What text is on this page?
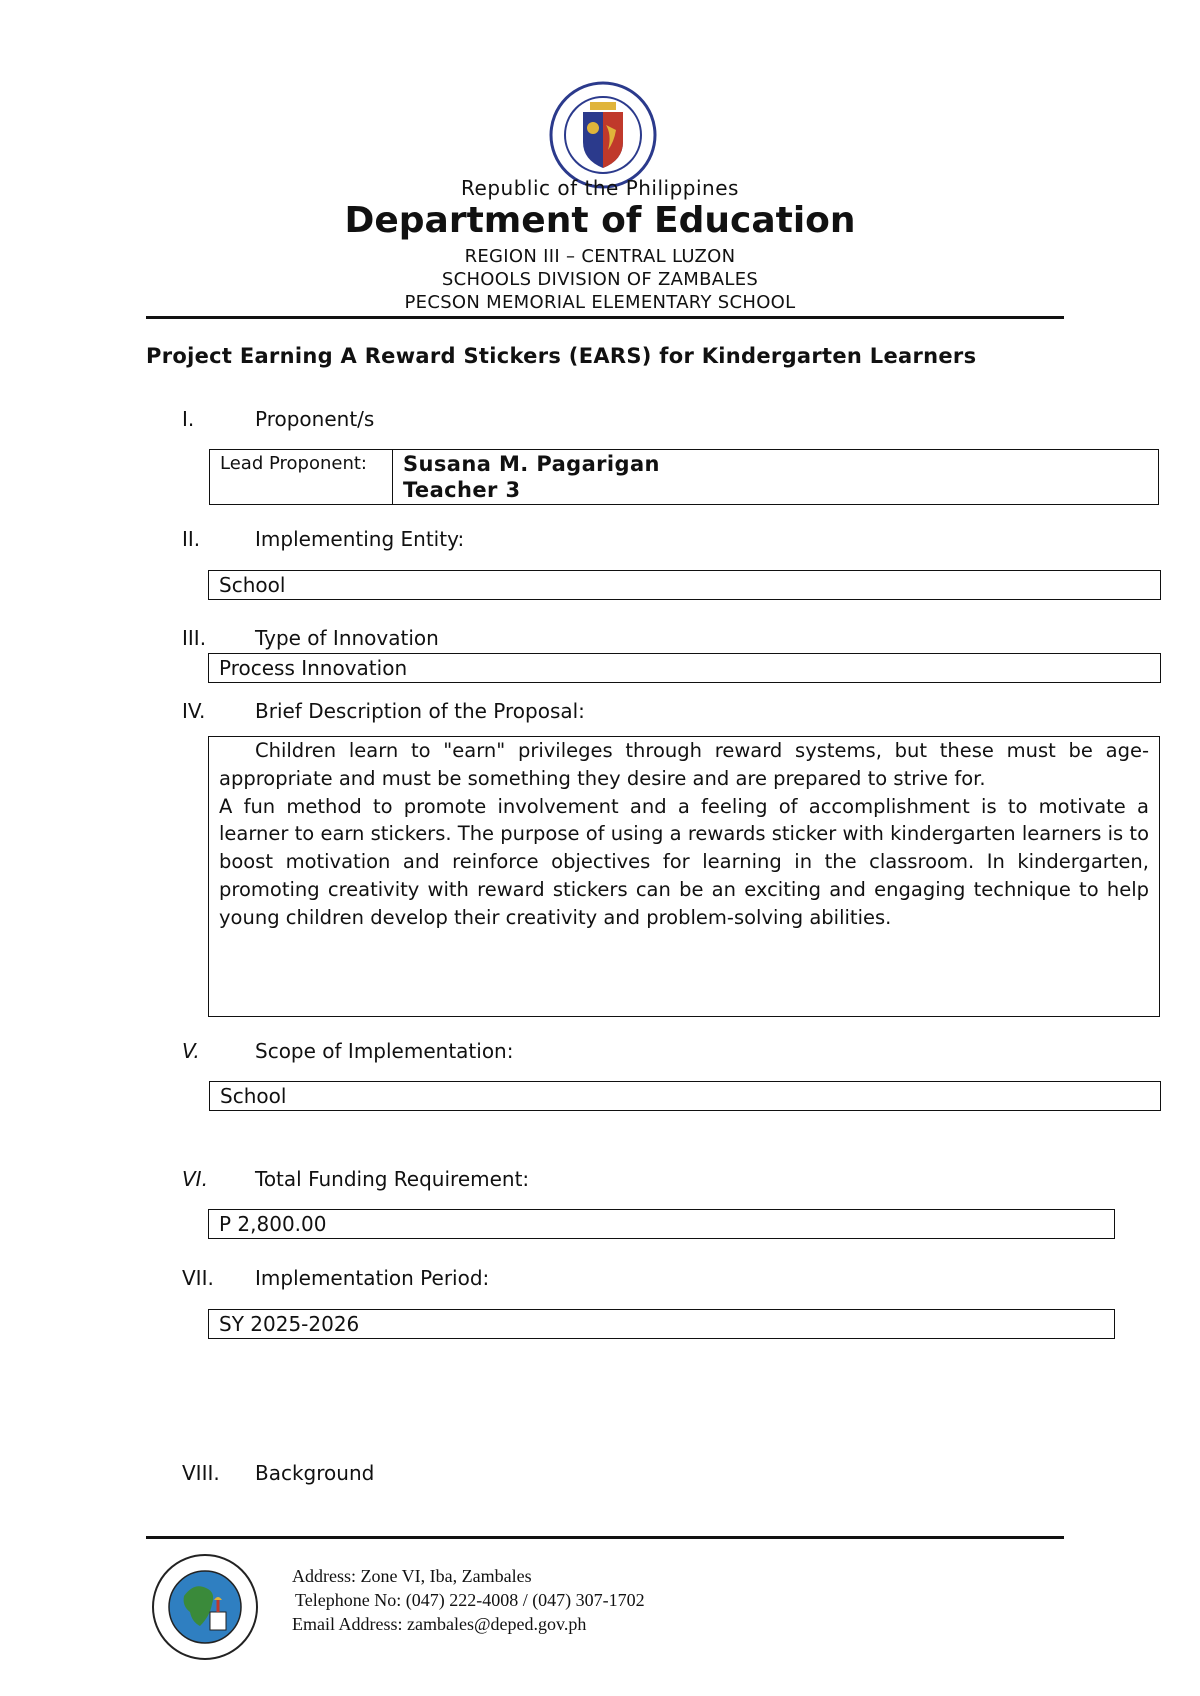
Republic of the Philippines
Department of Education
REGION III – CENTRAL LUZON
SCHOOLS DIVISION OF ZAMBALES
PECSON MEMORIAL ELEMENTARY SCHOOL
Project Earning A Reward Stickers (EARS) for Kindergarten Learners
I.	Proponent/s
Lead Proponent:	Susana M. Pagarigan
Teacher 3
II.	Implementing Entity:
School
III. Type of Innovation
Process Innovation
IV. Brief Description of the Proposal:

Children learn to "earn" privileges through reward systems, but these must be age-appropriate and must be something they desire and are prepared to strive for.

A fun method to promote involvement and a feeling of accomplishment is to motivate a learner to earn stickers. The purpose of using a rewards sticker with kindergarten learners is to boost motivation and reinforce objectives for learning in the classroom. In kindergarten, promoting creativity with reward stickers can be an exciting and engaging technique to help young children develop their creativity and problem-solving abilities.

V.	Scope of Implementation:
School
VI. Total Funding Requirement:
P 2,800.00
VII. Implementation Period:
SY 2025-2026
VIII. Background
Address: Zone VI, Iba, Zambales
Telephone No: (047) 222-4008 / (047) 307-1702
Email Address: zambales@deped.gov.ph
